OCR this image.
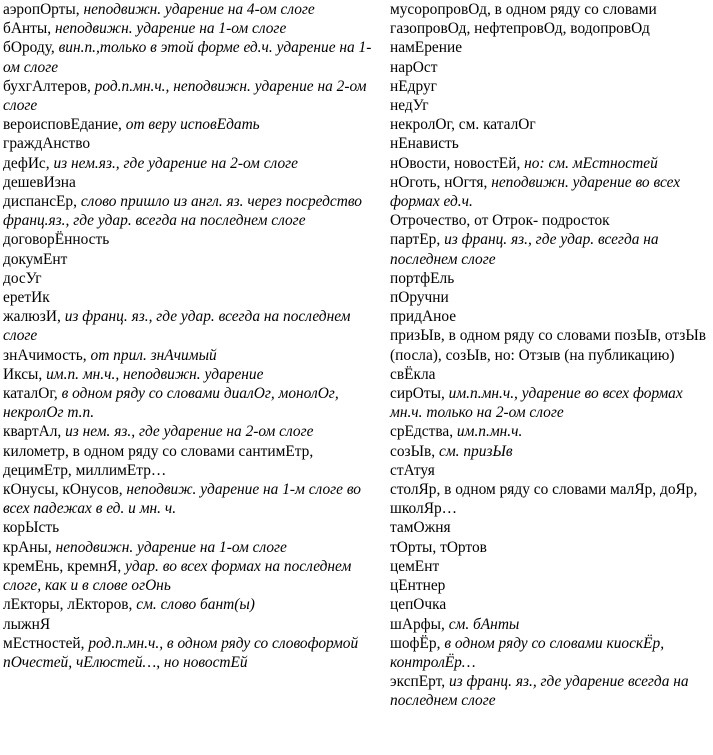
аэропОрты, неподвижн. ударение на 4-ом слоге

бАнты, неподвижн. ударение на 1-ом слоге

бОроду, вин.п.,только в этой форме ед.ч. ударение на 1-ом слоге

бухгАлтеров, род.п.мн.ч., неподвижн. ударение на 2-ом слоге

вероисповЕдание, от веру исповЕдать

граждАнство

дефИс, из нем.яз., где ударение на 2-ом слоге

дешевИзна

диспансЕр, слово пришло из англ. яз. через посредство франц.яз., где удар. всегда на последнем слоге

договорЁнность

докумЕнт

досУг

еретИк

жалюзИ, из франц. яз., где удар. всегда на последнем слоге

знАчимость, от прил. знАчимый

Иксы, им.п. мн.ч., неподвижн. ударение

каталОг, в одном ряду со словами диалОг, монолОг, некролОг т.п.

квартАл, из нем. яз., где ударение на 2-ом слоге

километр, в одном ряду со словами сантимЕтр, децимЕтр, миллимЕтр…

кОнусы, кОнусов, неподвиж. ударение на 1-м слоге во всех падежах в ед. и мн. ч.

корЫсть

крАны, неподвижн. ударение на 1-ом слоге

кремЕнь, кремнЯ, удар. во всех формах на последнем слоге, как и в слове огОнь

лЕкторы, лЕкторов, см. слово бант(ы)

лыжнЯ

мЕстностей, род.п.мн.ч., в одном ряду со словоформой пОчестей, чЕлюстей…, но новостЕй

мусоропровОд, в одном ряду со словами газопровОд, нефтепровОд, водопровОд

намЕрение

нарОст

нЕдруг

недУг

некролОг, см. каталОг

нЕнависть

нОвости, новостЕй, но: см. мЕстностей

нОготь, нОгтя, неподвижн. ударение во всех формах ед.ч.

Отрочество, от Отрок- подросток

партЕр, из франц. яз., где удар. всегда на последнем слоге

портфЕль

пОручни

придАное

призЫв, в одном ряду со словами позЫв, отзЫв (посла), созЫв, но: Отзыв (на публикацию)

свЁкла

сирОты, им.п.мн.ч., ударение во всех формах мн.ч. только на 2-ом слоге

срЕдства, им.п.мн.ч.

созЫв, см. призЫв

стАтуя

столЯр, в одном ряду со словами малЯр, доЯр, школЯр…

тамОжня

тОрты, тОртов

цемЕнт

цЕнтнер

цепОчка

шАрфы, см. бАнты

шофЁр, в одном ряду со словами киоскЁр, контролЁр…

экспЕрт, из франц. яз., где ударение всегда на последнем слоге
